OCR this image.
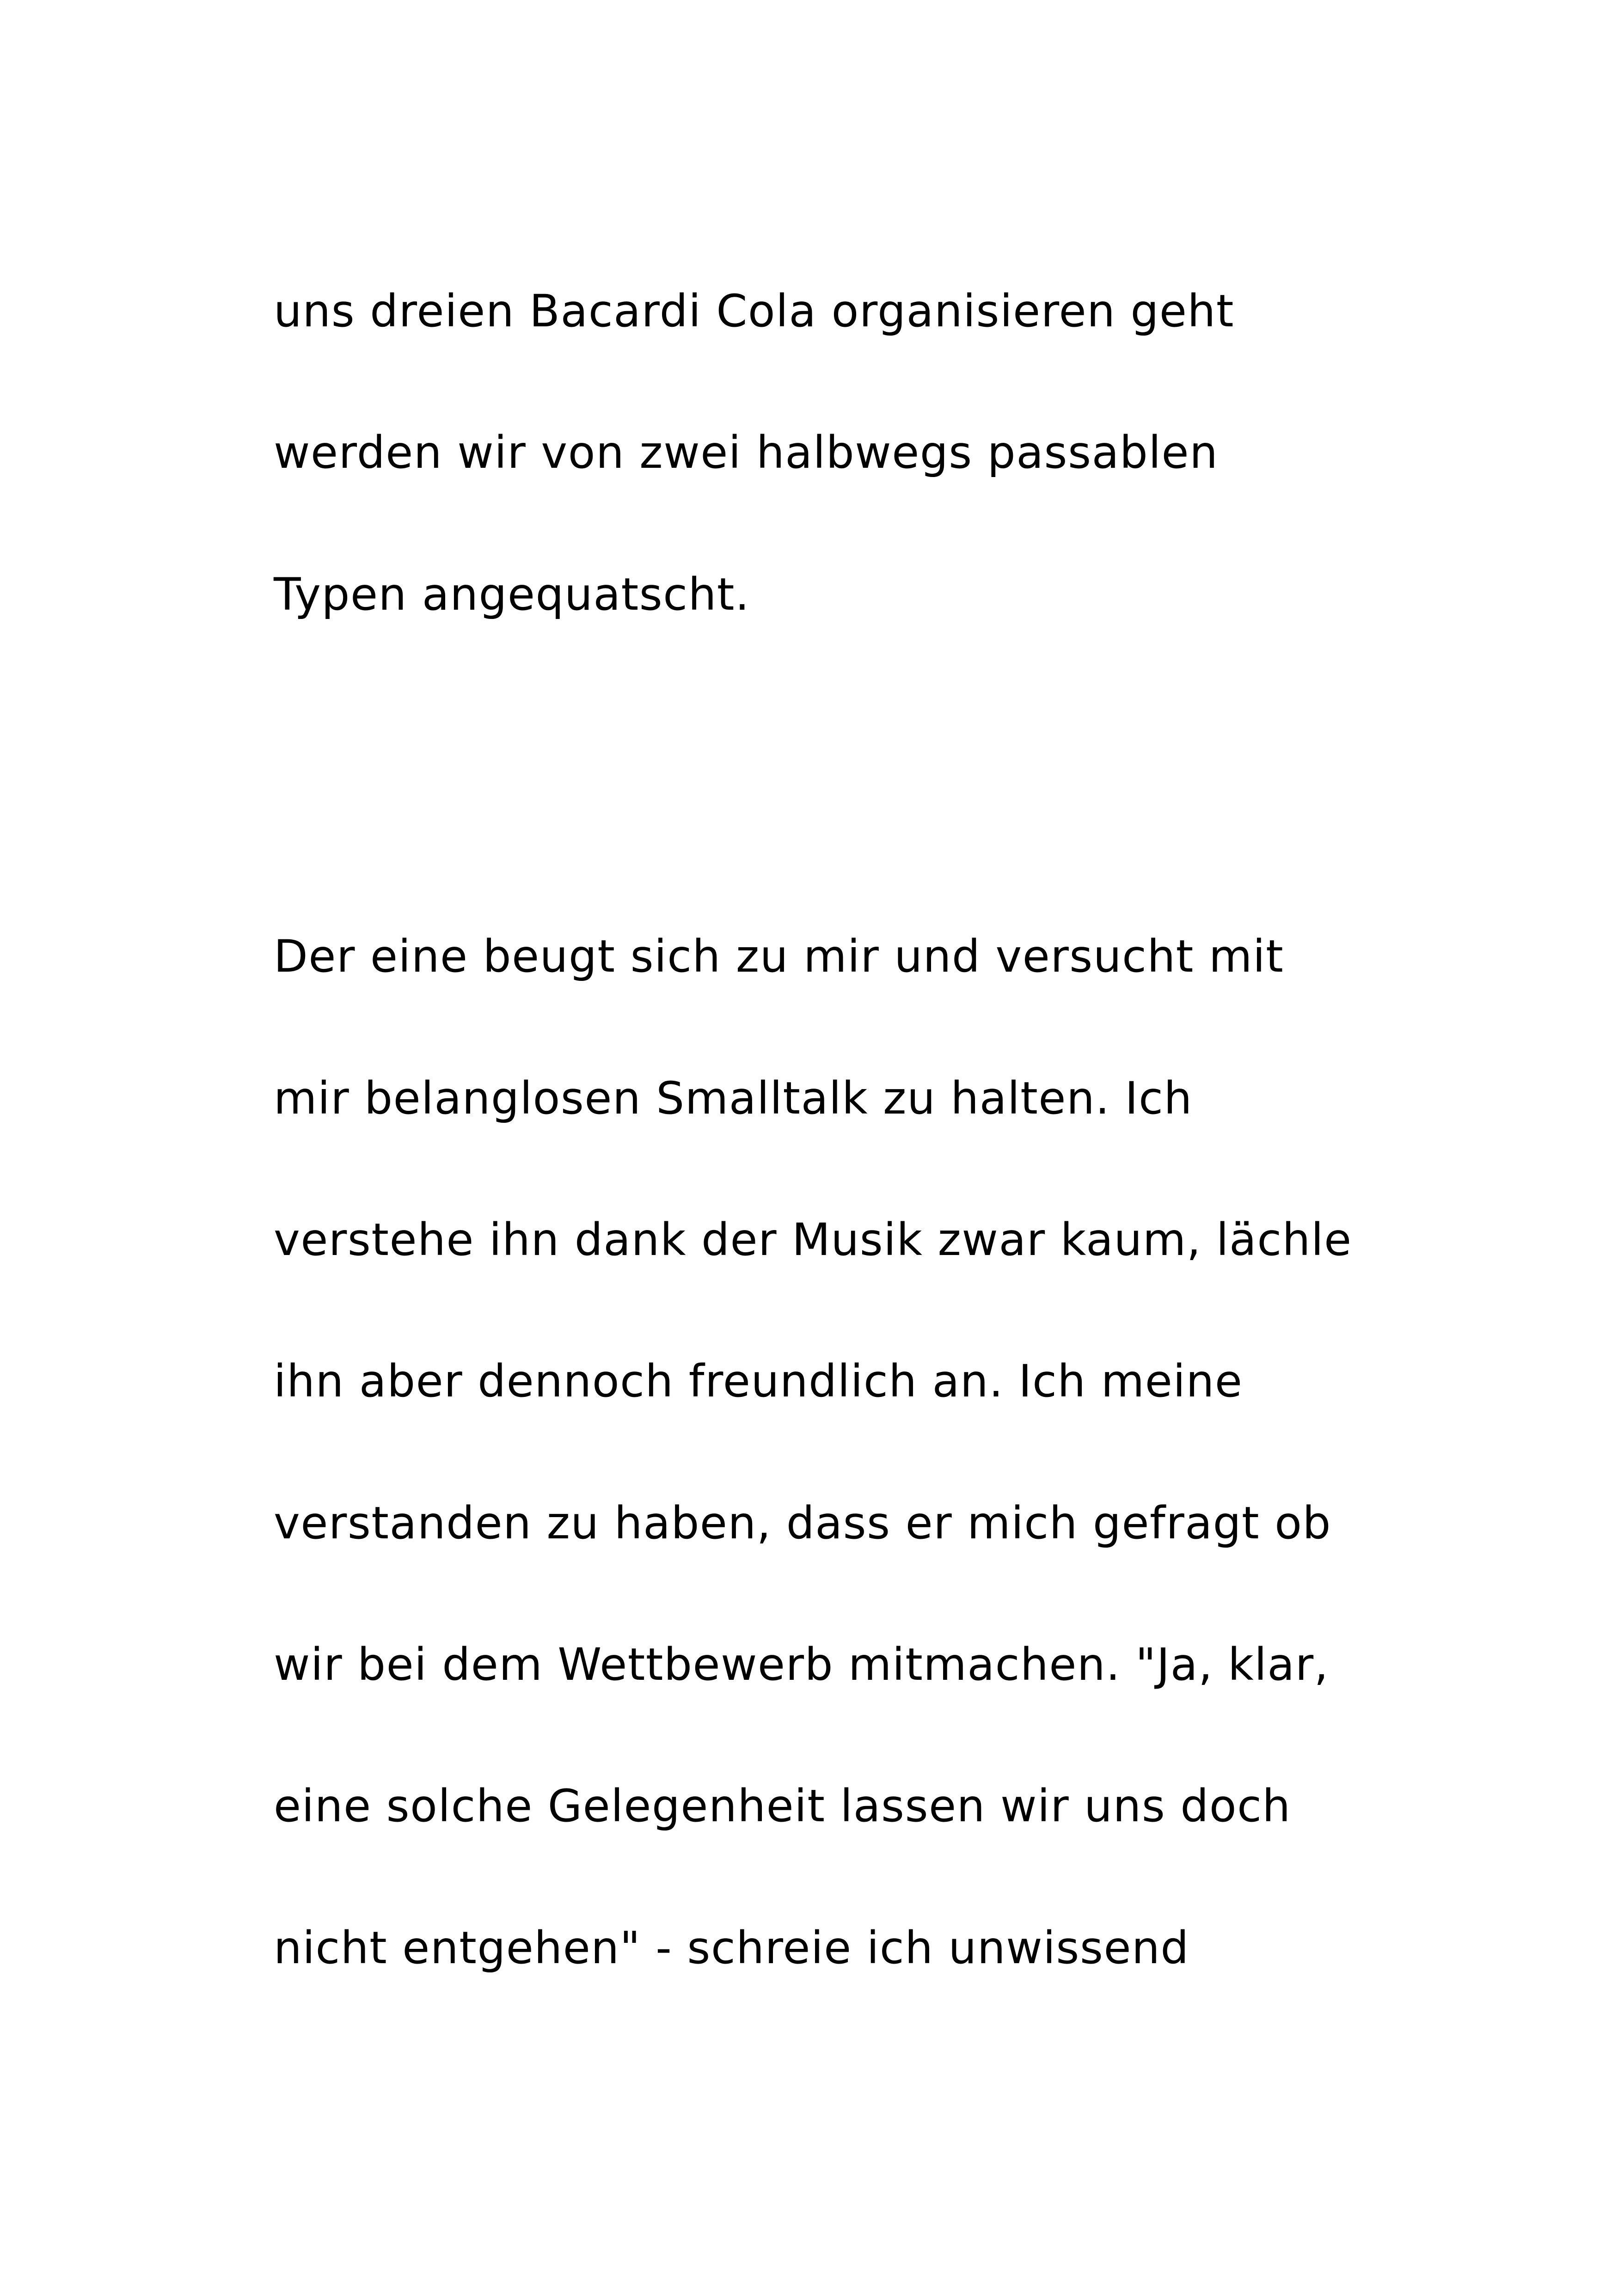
uns dreien Bacardi Cola organisieren geht

werden wir von zwei halbwegs passablen

Typen angequatscht.

Der eine beugt sich zu mir und versucht mit

mir belanglosen Smalltalk zu halten. Ich

verstehe ihn dank der Musik zwar kaum, lächle

ihn aber dennoch freundlich an. Ich meine

verstanden zu haben, dass er mich gefragt ob

wir bei dem Wettbewerb mitmachen. "Ja, klar,

eine solche Gelegenheit lassen wir uns doch

nicht entgehen" - schreie ich unwissend
